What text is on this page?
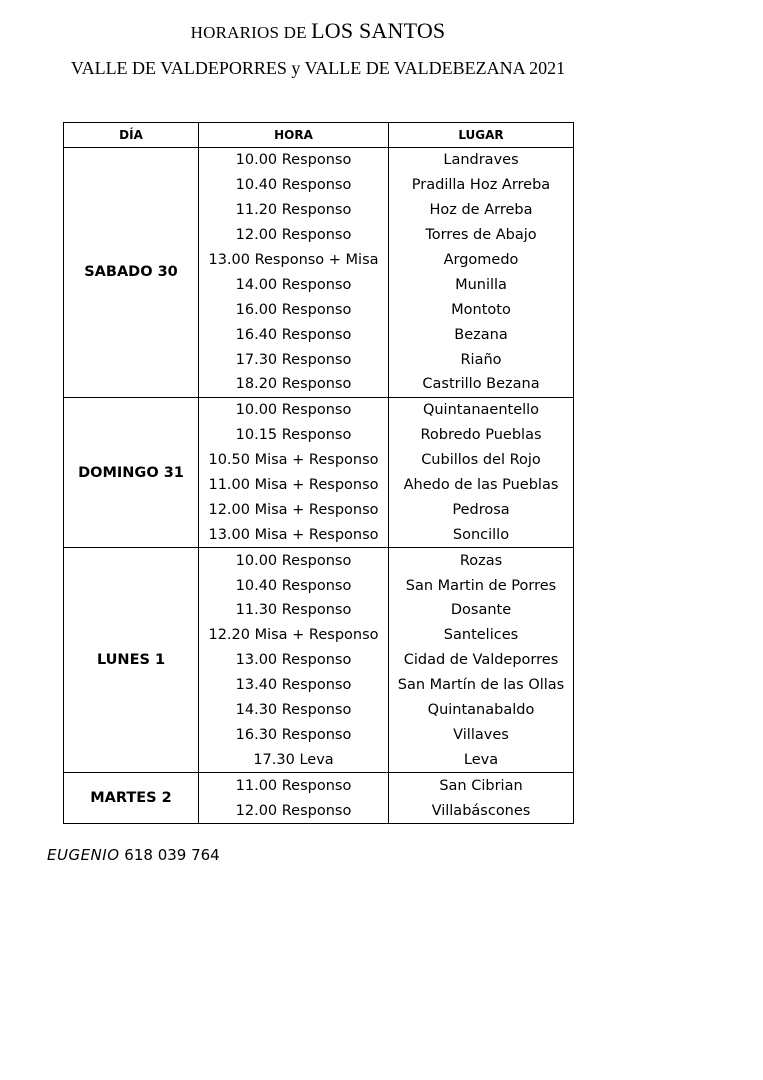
HORARIOS DE LOS SANTOS
VALLE DE VALDEPORRES y VALLE DE VALDEBEZANA 2021
DÍA	HORA	LUGAR
SABADO 30	10.00 Responso	Landraves
	10.40 Responso	Pradilla Hoz Arreba
	11.20 Responso	Hoz de Arreba
	12.00 Responso	Torres de Abajo
	13.00 Responso + Misa	Argomedo
	14.00 Responso	Munilla
	16.00 Responso	Montoto
	16.40 Responso	Bezana
	17.30 Responso	Riaño
	18.20 Responso	Castrillo Bezana
DOMINGO 31	10.00 Responso	Quintanaentello
	10.15 Responso	Robredo Pueblas
	10.50 Misa + Responso	Cubillos del Rojo
	11.00 Misa + Responso	Ahedo de las Pueblas
	12.00 Misa + Responso	Pedrosa
	13.00 Misa + Responso	Soncillo
LUNES 1	10.00 Responso	Rozas
	10.40 Responso	San Martin de Porres
	11.30 Responso	Dosante
	12.20 Misa + Responso	Santelices
	13.00 Responso	Cidad de Valdeporres
	13.40 Responso	San Martín de las Ollas
	14.30 Responso	Quintanabaldo
	16.30 Responso	Villaves
	17.30 Leva	Leva
MARTES 2	11.00 Responso	San Cibrian
	12.00 Responso	Villabáscones
EUGENIO 618 039 764
